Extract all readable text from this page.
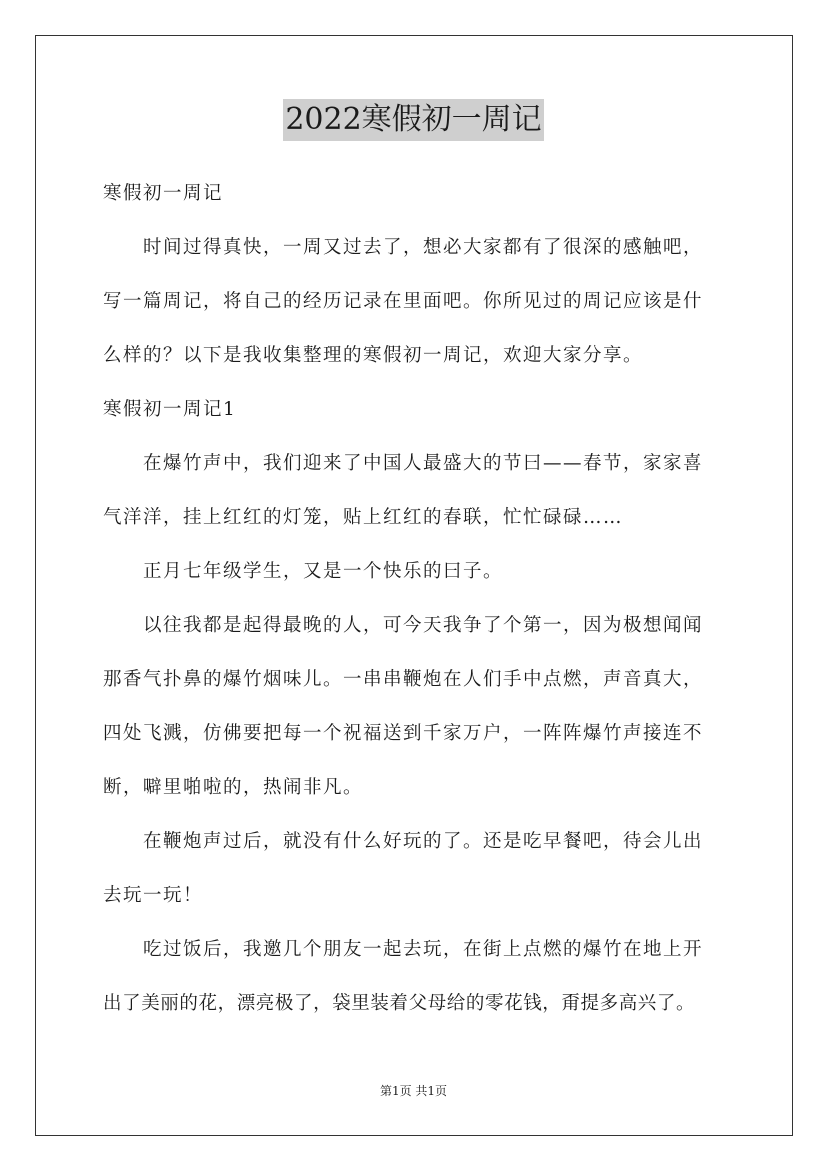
2022寒假初一周记
寒假初一周记
时间过得真快，一周又过去了，想必大家都有了很深的感触吧，
写一篇周记，将自己的经历记录在里面吧。你所见过的周记应该是什
么样的？以下是我收集整理的寒假初一周记，欢迎大家分享。
寒假初一周记1
在爆竹声中，我们迎来了中国人最盛大的节曰——春节，家家喜
气洋洋，挂上红红的灯笼，贴上红红的春联，忙忙碌碌……
正月七年级学生，又是一个快乐的曰子。
以往我都是起得最晚的人，可今天我争了个第一，因为极想闻闻
那香气扑鼻的爆竹烟味儿。一串串鞭炮在人们手中点燃，声音真大，
四处飞溅，仿佛要把每一个祝福送到千家万户，一阵阵爆竹声接连不
断，噼里啪啦的，热闹非凡。
在鞭炮声过后，就没有什么好玩的了。还是吃早餐吧，待会儿出
去玩一玩！
吃过饭后，我邀几个朋友一起去玩，在街上点燃的爆竹在地上开
出了美丽的花，漂亮极了，袋里装着父母给的零花钱，甭提多高兴了。
第1页 共1页
